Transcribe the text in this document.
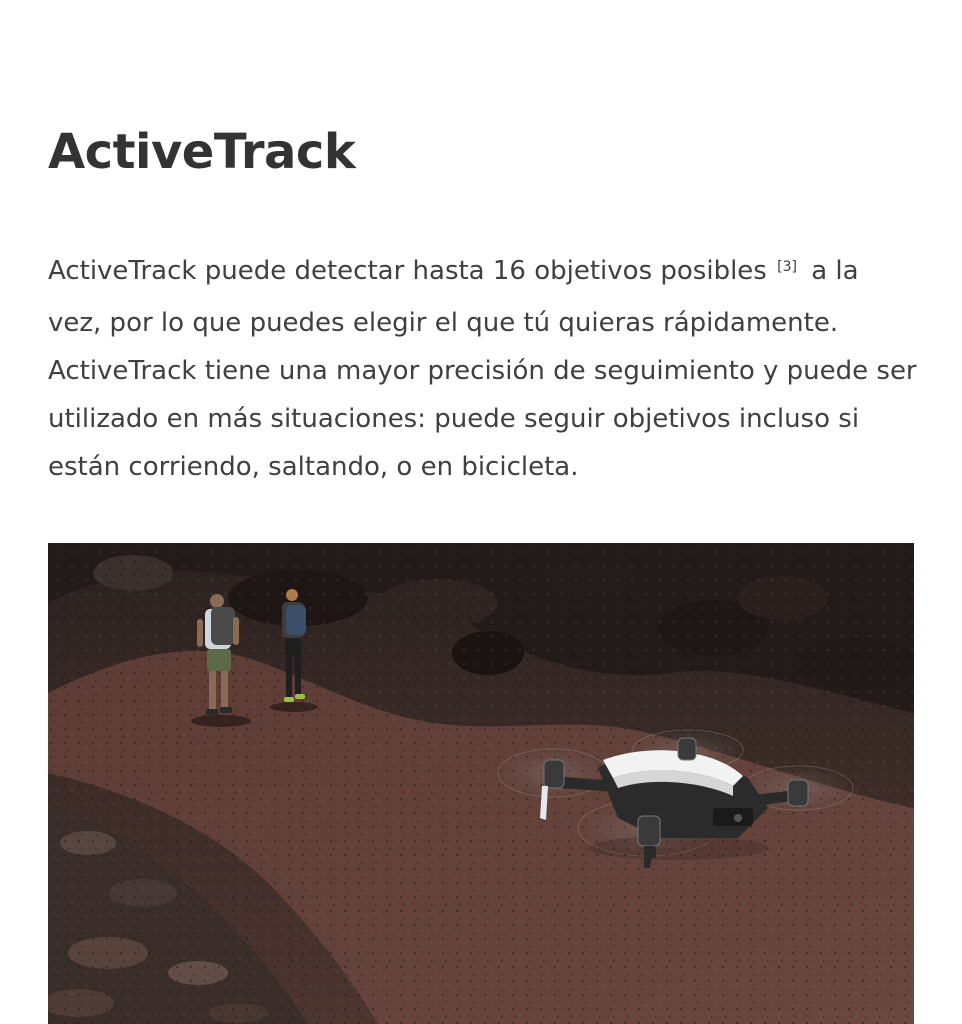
ActiveTrack

ActiveTrack puede detectar hasta 16 objetivos posibles [3] a la vez, por lo que puedes elegir el que tú quieras rápidamente. ActiveTrack tiene una mayor precisión de seguimiento y puede ser utilizado en más situaciones: puede seguir objetivos incluso si están corriendo, saltando, o en bicicleta.
